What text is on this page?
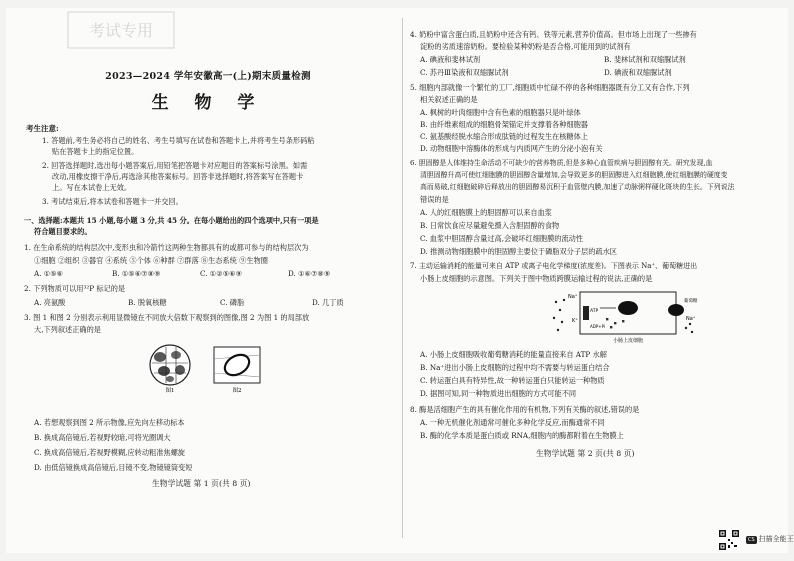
考试专用
2023—2024 学年安徽高一(上)期末质量检测
生 物 学
考生注意:
1. 答题前,考生务必将自己的姓名、考生号填写在试卷和答题卡上,并将考生号条形码粘
贴在答题卡上的指定位置。
2. 回答选择题时,选出每小题答案后,用铅笔把答题卡对应题目的答案标号涂黑。如需
改动,用橡皮擦干净后,再选涂其他答案标号。回答非选择题时,将答案写在答题卡
上。写在本试卷上无效。
3. 考试结束后,将本试卷和答题卡一并交回。
一、选择题:本题共 15 小题,每小题 3 分,共 45 分。在每小题给出的四个选项中,只有一项是
符合题目要求的。
1. 在生命系统的结构层次中,变形虫和冷箭竹这两种生物都具有的或都可参与的结构层次为
①细胞 ②组织 ③器官 ④系统 ⑤个体 ⑥种群 ⑦群落 ⑧生态系统 ⑨生物圈
A. ①⑤⑥	B. ①⑤⑥⑦⑧⑨	C. ①②⑤⑥⑨	D. ①⑥⑦⑧⑨
2. 下列物质可以用³²P 标记的是
A. 亮氨酸	B. 脱氧核糖	C. 磷脂	D. 几丁质
3. 图 1 和图 2 分别表示利用显微镜在不同放大倍数下观察到的图像,图 2 为图 1 的局部放
大,下列叙述正确的是
图1	图2
A. 若想观察到图 2 所示物像,应先向左移动标本
B. 换成高倍镜后,若视野较暗,可将光圈调大
C. 换成高倍镜后,若视野模糊,应转动粗准焦螺旋
D. 由低倍镜换成高倍镜后,目镜不变,物镜镜筒变短
生物学试题 第 1 页(共 8 页)
4. 奶粉中富含蛋白质,且奶粉中还含有钙、铁等元素,营养价值高。但市场上出现了一些掺有
淀粉的劣质速溶奶粉。要检验某种奶粉是否合格,可能用到的试剂有
A. 碘液和斐林试剂	B. 斐林试剂和双缩脲试剂
C. 苏丹Ⅲ染液和双缩脲试剂	D. 碘液和双缩脲试剂
5. 细胞内部就像一个繁忙的工厂,细胞质中忙碌不停的各种细胞器既有分工又有合作,下列
相关叙述正确的是
A. 枫树的叶肉细胞中含有色素的细胞器只是叶绿体
B. 由纤维素组成的细胞骨架锚定并支撑着各种细胞器
C. 氨基酸经脱水缩合形成肽链的过程发生在核糖体上
D. 动物细胞中溶酶体的形成与内质网产生的分泌小泡有关
6. 胆固醇是人体维持生命活动不可缺少的营养物质,但是多种心血管疾病与胆固醇有关。研究发现,血
清胆固醇升高可使红细胞膜的胆固醇含量增加,会导致更多的胆固醇进入红细胞膜,使红细胞膜的硬度变
高而易破,红细胞破碎后释放出的胆固醇易沉积于血管壁内膜,加速了动脉粥样硬化斑块的生长。下列说法
错误的是
A. 人的红细胞膜上的胆固醇可以来自血浆
B. 日常饮食应尽量避免摄入含胆固醇的食物
C. 血浆中胆固醇含量过高,会破坏红细胞膜的流动性
D. 推测动物细胞膜中的胆固醇主要位于磷脂双分子层的疏水区
7. 主动运输消耗的能量可来自 ATP 或离子电化学梯度(浓度差)。下图表示 Na⁺、葡萄糖进出
小肠上皮细胞的示意图。下列关于图中物质跨膜运输过程的说法,正确的是
Na⁺
K⁺
ATP
ADP+Pi
葡萄糖
Na⁺
小肠上皮细胞
A. 小肠上皮细胞吸收葡萄糖消耗的能量直接来自 ATP 水解
B. Na⁺进出小肠上皮细胞的过程中均不需要与转运蛋白结合
C. 转运蛋白具有特异性,故一种转运蛋白只能转运一种物质
D. 据图可知,同一种物质进出细胞的方式可能不同
8. 酶是活细胞产生的具有催化作用的有机物,下列有关酶的叙述,错误的是
A. 一种无机催化剂通常可催化多种化学反应,而酶通常不同
B. 酶的化学本质是蛋白质或 RNA,细胞内的酶都附着在生物膜上
生物学试题 第 2 页(共 8 页)
CS 扫描全能王
